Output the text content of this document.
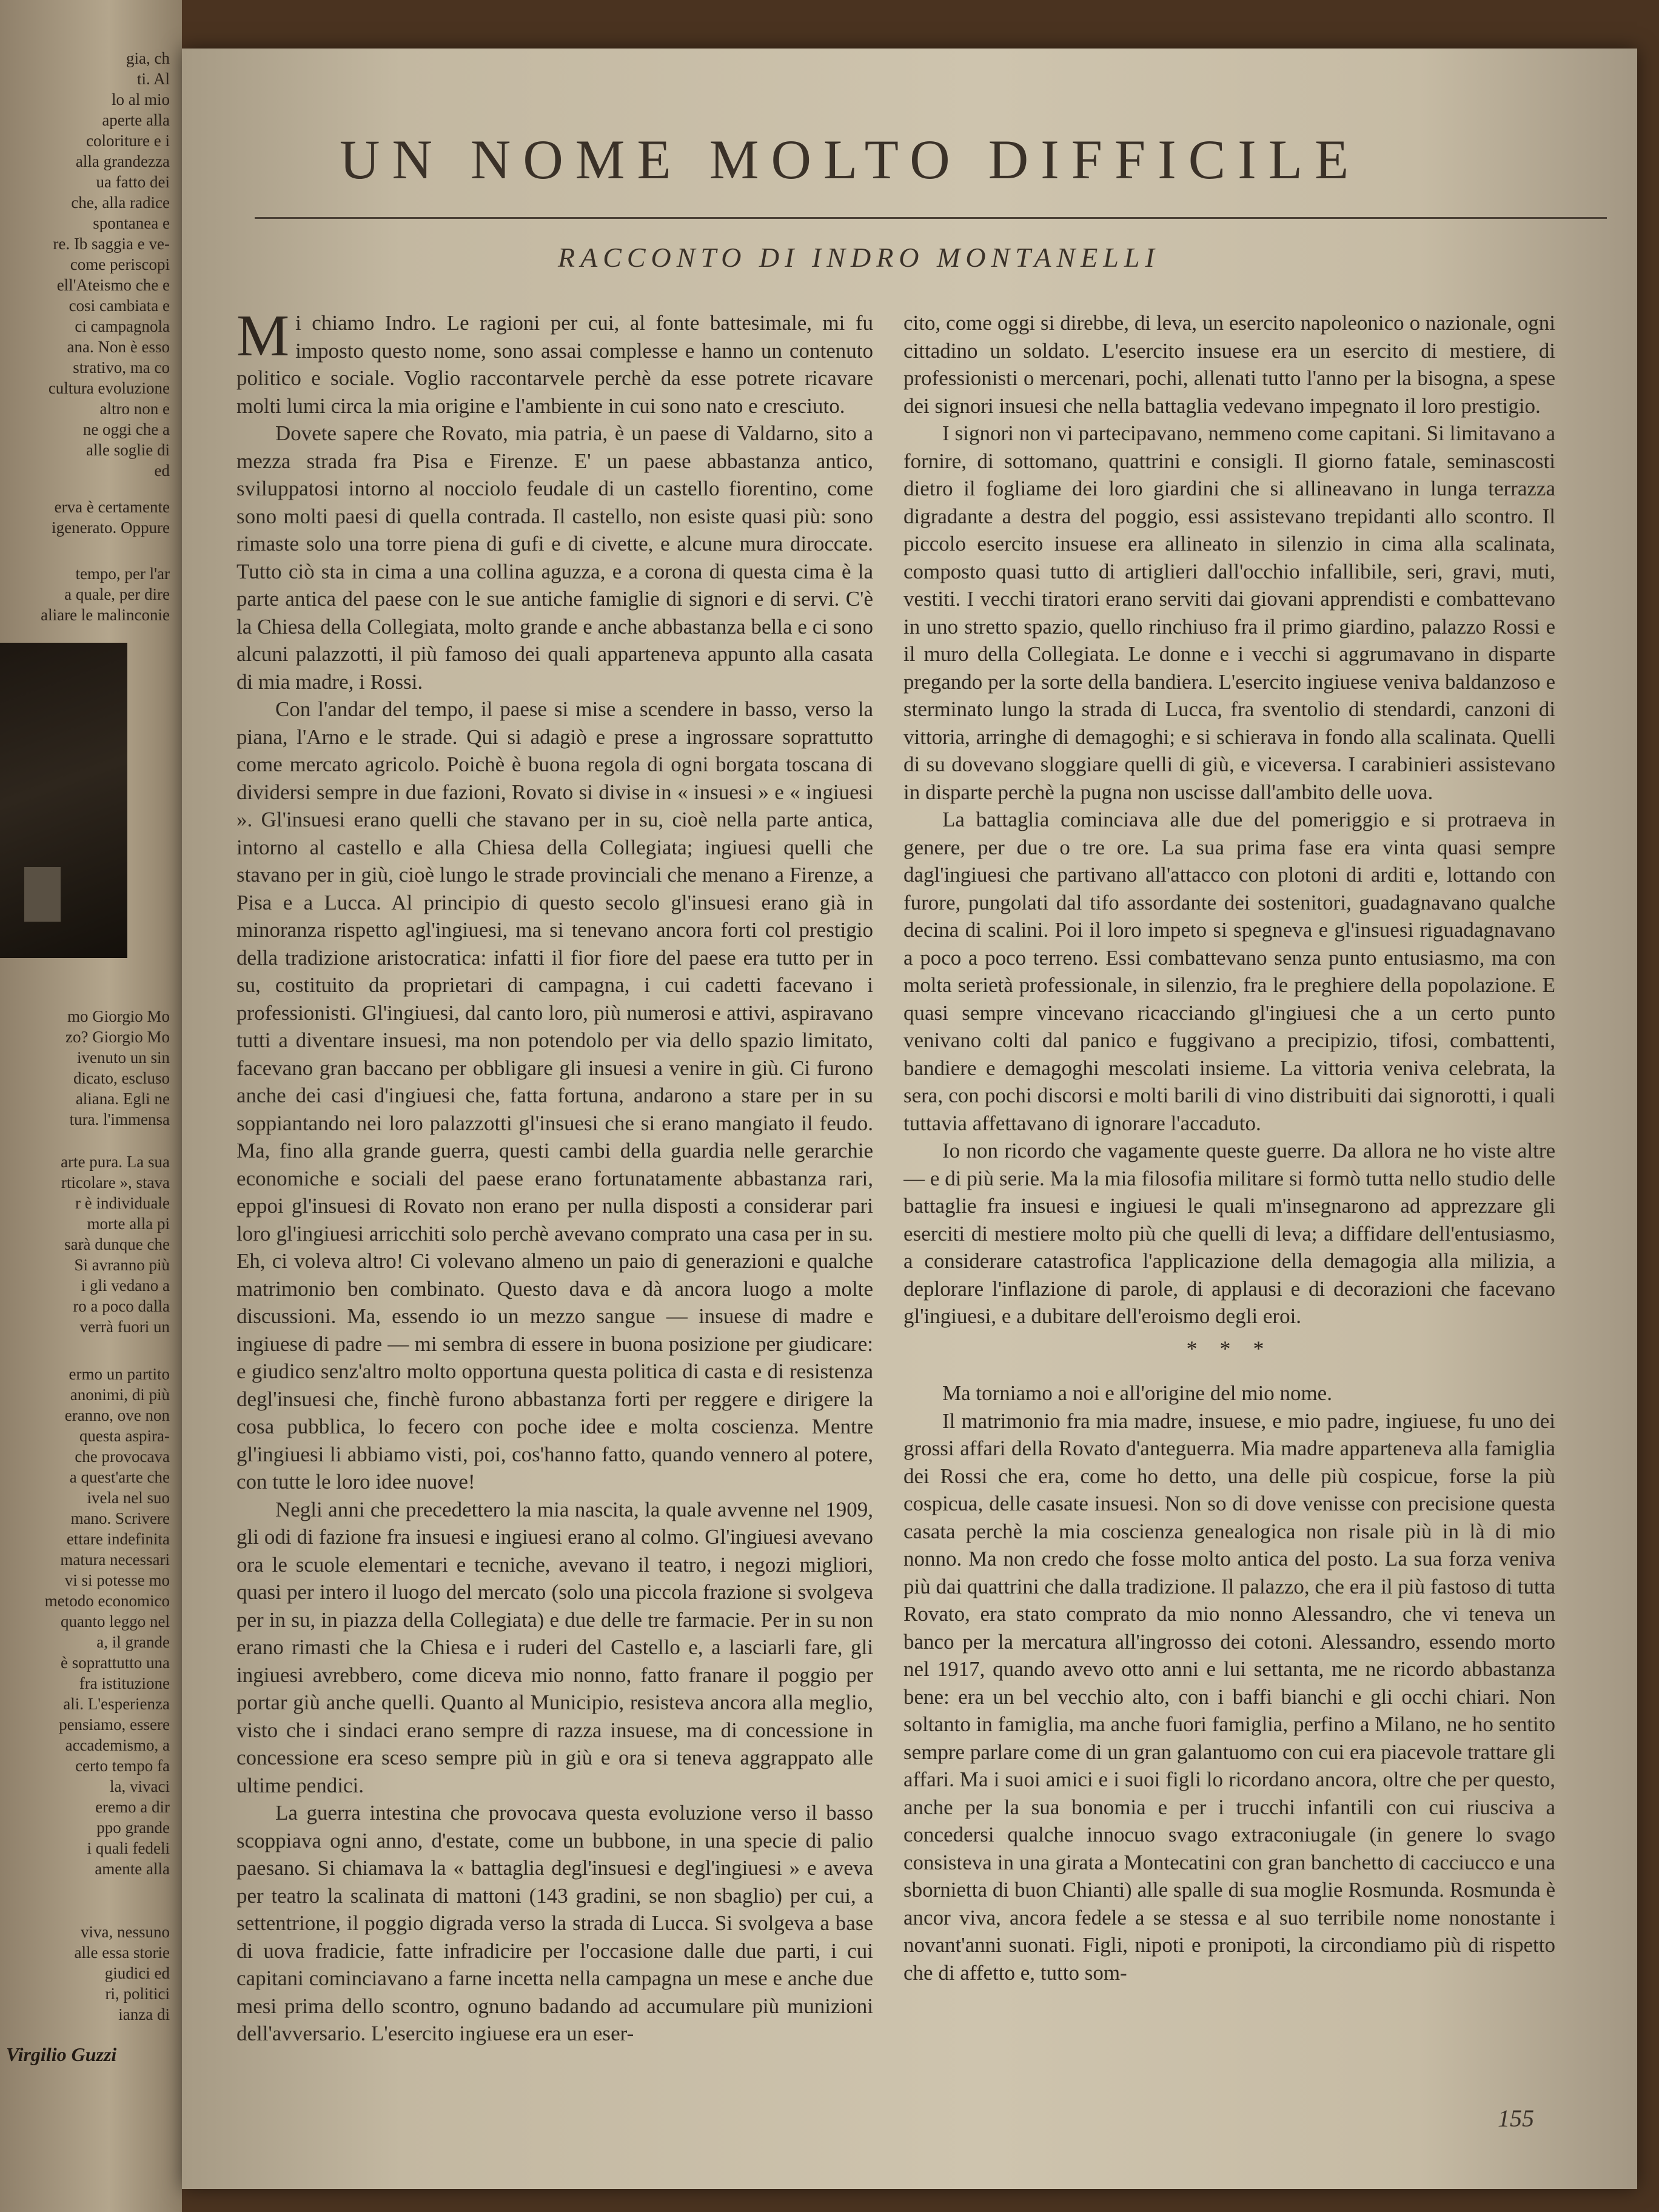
gia, ch
ti. Al
lo al mio
aperte alla
coloriture e i
alla grandezza
ua fatto dei
che, alla radice
spontanea e
re. Ib saggia e ve-
come periscopi
ell'Ateismo che e
cosi cambiata e
ci campagnola
ana. Non è esso
strativo, ma co
cultura evoluzione
altro non e
ne oggi che a
alle soglie di
ed
erva è certamente
igenerato. Oppure
tempo, per l'ar
a quale, per dire
aliare le malinconie
mo Giorgio Mo
zo? Giorgio Mo
ivenuto un sin
dicato, escluso
aliana. Egli ne
tura. l'immensa
arte pura. La sua
rticolare », stava
r è individuale
morte alla pi
sarà dunque che
Si avranno più
i gli vedano a
ro a poco dalla
verrà fuori un
ermo un partito
anonimi, di più
eranno, ove non
questa aspira-
che provocava
a quest'arte che
ivela nel suo
mano. Scrivere
ettare indefinita
matura necessari
vi si potesse mo
metodo economico
quanto leggo nel
a, il grande
è soprattutto una
fra istituzione
ali. L'esperienza
pensiamo, essere
accademismo, a
certo tempo fa
la, vivaci
eremo a dir
ppo grande
i quali fedeli
amente alla
viva, nessuno
alle essa storie
giudici ed
ri, politici
ianza di
Virgilio Guzzi
UN NOME MOLTO DIFFICILE
RACCONTO DI INDRO MONTANELLI

Mi chiamo Indro. Le ragioni per cui, al fonte battesimale, mi fu imposto questo nome, sono assai complesse e hanno un contenuto politico e sociale. Voglio raccontarvele perchè da esse potrete ricavare molti lumi circa la mia origine e l'ambiente in cui sono nato e cresciuto.

Dovete sapere che Rovato, mia patria, è un paese di Valdarno, sito a mezza strada fra Pisa e Firenze. E' un paese abbastanza antico, sviluppatosi intorno al nocciolo feudale di un castello fiorentino, come sono molti paesi di quella contrada. Il castello, non esiste quasi più: sono rimaste solo una torre piena di gufi e di civette, e alcune mura diroccate. Tutto ciò sta in cima a una collina aguzza, e a corona di questa cima è la parte antica del paese con le sue antiche famiglie di signori e di servi. C'è la Chiesa della Collegiata, molto grande e anche abbastanza bella e ci sono alcuni palazzotti, il più famoso dei quali apparteneva appunto alla casata di mia madre, i Rossi.

Con l'andar del tempo, il paese si mise a scendere in basso, verso la piana, l'Arno e le strade. Qui si adagiò e prese a ingrossare soprattutto come mercato agricolo. Poichè è buona regola di ogni borgata toscana di dividersi sempre in due fazioni, Rovato si divise in « insuesi » e « ingiuesi ». Gl'insuesi erano quelli che stavano per in su, cioè nella parte antica, intorno al castello e alla Chiesa della Collegiata; ingiuesi quelli che stavano per in giù, cioè lungo le strade provinciali che menano a Firenze, a Pisa e a Lucca. Al principio di questo secolo gl'insuesi erano già in minoranza rispetto agl'ingiuesi, ma si tenevano ancora forti col prestigio della tradizione aristocratica: infatti il fior fiore del paese era tutto per in su, costituito da proprietari di campagna, i cui cadetti facevano i professionisti. Gl'ingiuesi, dal canto loro, più numerosi e attivi, aspiravano tutti a diventare insuesi, ma non potendolo per via dello spazio limitato, facevano gran baccano per obbligare gli insuesi a venire in giù. Ci furono anche dei casi d'ingiuesi che, fatta fortuna, andarono a stare per in su soppiantando nei loro palazzotti gl'insuesi che si erano mangiato il feudo. Ma, fino alla grande guerra, questi cambi della guardia nelle gerarchie economiche e sociali del paese erano fortunatamente abbastanza rari, eppoi gl'insuesi di Rovato non erano per nulla disposti a considerar pari loro gl'ingiuesi arricchiti solo perchè avevano comprato una casa per in su. Eh, ci voleva altro! Ci volevano almeno un paio di generazioni e qualche matrimonio ben combinato. Questo dava e dà ancora luogo a molte discussioni. Ma, essendo io un mezzo sangue — insuese di madre e ingiuese di padre — mi sembra di essere in buona posizione per giudicare: e giudico senz'altro molto opportuna questa politica di casta e di resistenza degl'insuesi che, finchè furono abbastanza forti per reggere e dirigere la cosa pubblica, lo fecero con poche idee e molta coscienza. Mentre gl'ingiuesi li abbiamo visti, poi, cos'hanno fatto, quando vennero al potere, con tutte le loro idee nuove!

Negli anni che precedettero la mia nascita, la quale avvenne nel 1909, gli odi di fazione fra insuesi e ingiuesi erano al colmo. Gl'ingiuesi avevano ora le scuole elementari e tecniche, avevano il teatro, i negozi migliori, quasi per intero il luogo del mercato (solo una piccola frazione si svolgeva per in su, in piazza della Collegiata) e due delle tre farmacie. Per in su non erano rimasti che la Chiesa e i ruderi del Castello e, a lasciarli fare, gli ingiuesi avrebbero, come diceva mio nonno, fatto franare il poggio per portar giù anche quelli. Quanto al Municipio, resisteva ancora alla meglio, visto che i sindaci erano sempre di razza insuese, ma di concessione in concessione era sceso sempre più in giù e ora si teneva aggrappato alle ultime pendici.

La guerra intestina che provocava questa evoluzione verso il basso scoppiava ogni anno, d'estate, come un bubbone, in una specie di palio paesano. Si chiamava la « battaglia degl'insuesi e degl'ingiuesi » e aveva per teatro la scalinata di mattoni (143 gradini, se non sbaglio) per cui, a settentrione, il poggio digrada verso la strada di Lucca. Si svolgeva a base di uova fradicie, fatte infradicire per l'occasione dalle due parti, i cui capitani cominciavano a farne incetta nella campagna un mese e anche due mesi prima dello scontro, ognuno badando ad accumulare più munizioni dell'avversario. L'esercito ingiuese era un eser-

cito, come oggi si direbbe, di leva, un esercito napoleonico o nazionale, ogni cittadino un soldato. L'esercito insuese era un esercito di mestiere, di professionisti o mercenari, pochi, allenati tutto l'anno per la bisogna, a spese dei signori insuesi che nella battaglia vedevano impegnato il loro prestigio.

I signori non vi partecipavano, nemmeno come capitani. Si limitavano a fornire, di sottomano, quattrini e consigli. Il giorno fatale, seminascosti dietro il fogliame dei loro giardini che si allineavano in lunga terrazza digradante a destra del poggio, essi assistevano trepidanti allo scontro. Il piccolo esercito insuese era allineato in silenzio in cima alla scalinata, composto quasi tutto di artiglieri dall'occhio infallibile, seri, gravi, muti, vestiti. I vecchi tiratori erano serviti dai giovani apprendisti e combattevano in uno stretto spazio, quello rinchiuso fra il primo giardino, palazzo Rossi e il muro della Collegiata. Le donne e i vecchi si aggrumavano in disparte pregando per la sorte della bandiera. L'esercito ingiuese veniva baldanzoso e sterminato lungo la strada di Lucca, fra sventolio di stendardi, canzoni di vittoria, arringhe di demagoghi; e si schierava in fondo alla scalinata. Quelli di su dovevano sloggiare quelli di giù, e viceversa. I carabinieri assistevano in disparte perchè la pugna non uscisse dall'ambito delle uova.

La battaglia cominciava alle due del pomeriggio e si protraeva in genere, per due o tre ore. La sua prima fase era vinta quasi sempre dagl'ingiuesi che partivano all'attacco con plotoni di arditi e, lottando con furore, pungolati dal tifo assordante dei sostenitori, guadagnavano qualche decina di scalini. Poi il loro impeto si spegneva e gl'insuesi riguadagnavano a poco a poco terreno. Essi combattevano senza punto entusiasmo, ma con molta serietà professionale, in silenzio, fra le preghiere della popolazione. E quasi sempre vincevano ricacciando gl'ingiuesi che a un certo punto venivano colti dal panico e fuggivano a precipizio, tifosi, combattenti, bandiere e demagoghi mescolati insieme. La vittoria veniva celebrata, la sera, con pochi discorsi e molti barili di vino distribuiti dai signorotti, i quali tuttavia affettavano di ignorare l'accaduto.

Io non ricordo che vagamente queste guerre. Da allora ne ho viste altre — e di più serie. Ma la mia filosofia militare si formò tutta nello studio delle battaglie fra insuesi e ingiuesi le quali m'insegnarono ad apprezzare gli eserciti di mestiere molto più che quelli di leva; a diffidare dell'entusiasmo, a considerare catastrofica l'applicazione della demagogia alla milizia, a deplorare l'inflazione di parole, di applausi e di decorazioni che facevano gl'ingiuesi, e a dubitare dell'eroismo degli eroi.

* * *

Ma torniamo a noi e all'origine del mio nome.

Il matrimonio fra mia madre, insuese, e mio padre, ingiuese, fu uno dei grossi affari della Rovato d'anteguerra. Mia madre apparteneva alla famiglia dei Rossi che era, come ho detto, una delle più cospicue, forse la più cospicua, delle casate insuesi. Non so di dove venisse con precisione questa casata perchè la mia coscienza genealogica non risale più in là di mio nonno. Ma non credo che fosse molto antica del posto. La sua forza veniva più dai quattrini che dalla tradizione. Il palazzo, che era il più fastoso di tutta Rovato, era stato comprato da mio nonno Alessandro, che vi teneva un banco per la mercatura all'ingrosso dei cotoni. Alessandro, essendo morto nel 1917, quando avevo otto anni e lui settanta, me ne ricordo abbastanza bene: era un bel vecchio alto, con i baffi bianchi e gli occhi chiari. Non soltanto in famiglia, ma anche fuori famiglia, perfino a Milano, ne ho sentito sempre parlare come di un gran galantuomo con cui era piacevole trattare gli affari. Ma i suoi amici e i suoi figli lo ricordano ancora, oltre che per questo, anche per la sua bonomia e per i trucchi infantili con cui riusciva a concedersi qualche innocuo svago extraconiugale (in genere lo svago consisteva in una girata a Montecatini con gran banchetto di cacciucco e una sbornietta di buon Chianti) alle spalle di sua moglie Rosmunda. Rosmunda è ancor viva, ancora fedele a se stessa e al suo terribile nome nonostante i novant'anni suonati. Figli, nipoti e pronipoti, la circondiamo più di rispetto che di affetto e, tutto som-

155
